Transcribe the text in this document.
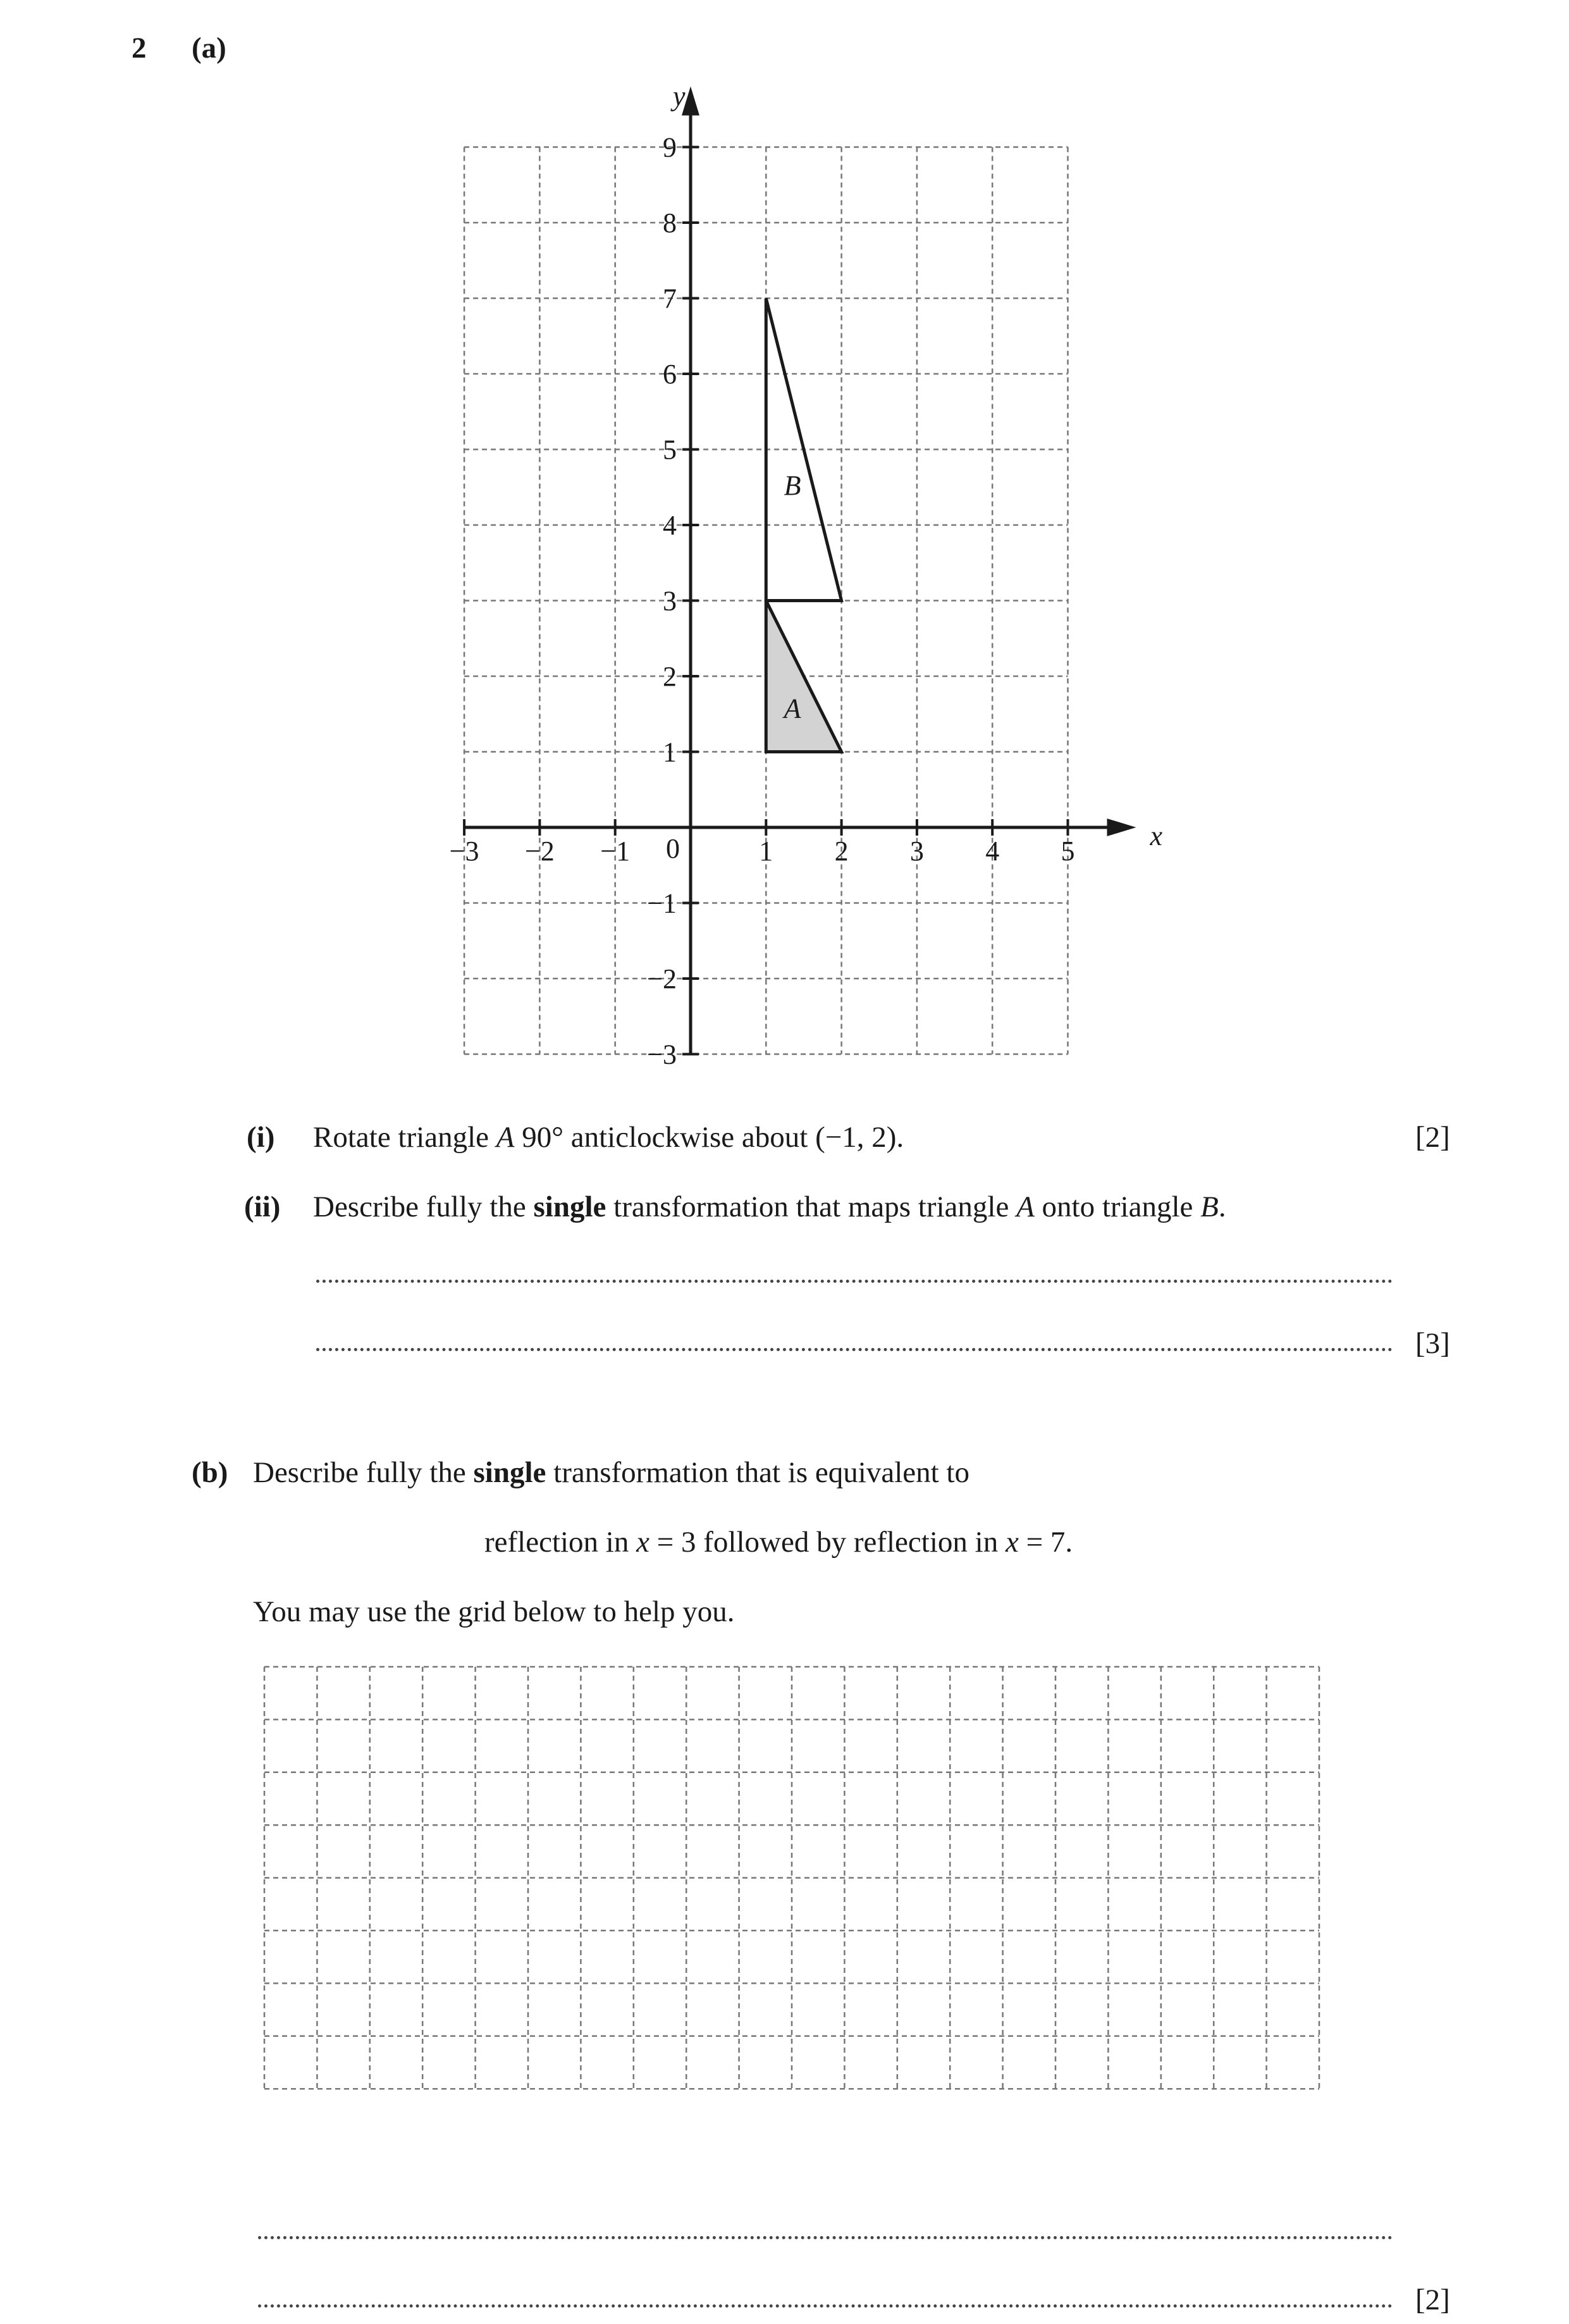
2 (a)
A
B
x
y
0
−3 −2 −1	1 2 3 4 5
9
8
7
6
5
4
3
2
1
−1
−2
−3
(i) Rotate triangle A 90° anticlockwise about (−1, 2).	[2]
(ii) Describe fully the single transformation that maps triangle A onto triangle B.
[3]
(b) Describe fully the single transformation that is equivalent to
reflection in x = 3 followed by reflection in x = 7.
You may use the grid below to help you.
[2]
